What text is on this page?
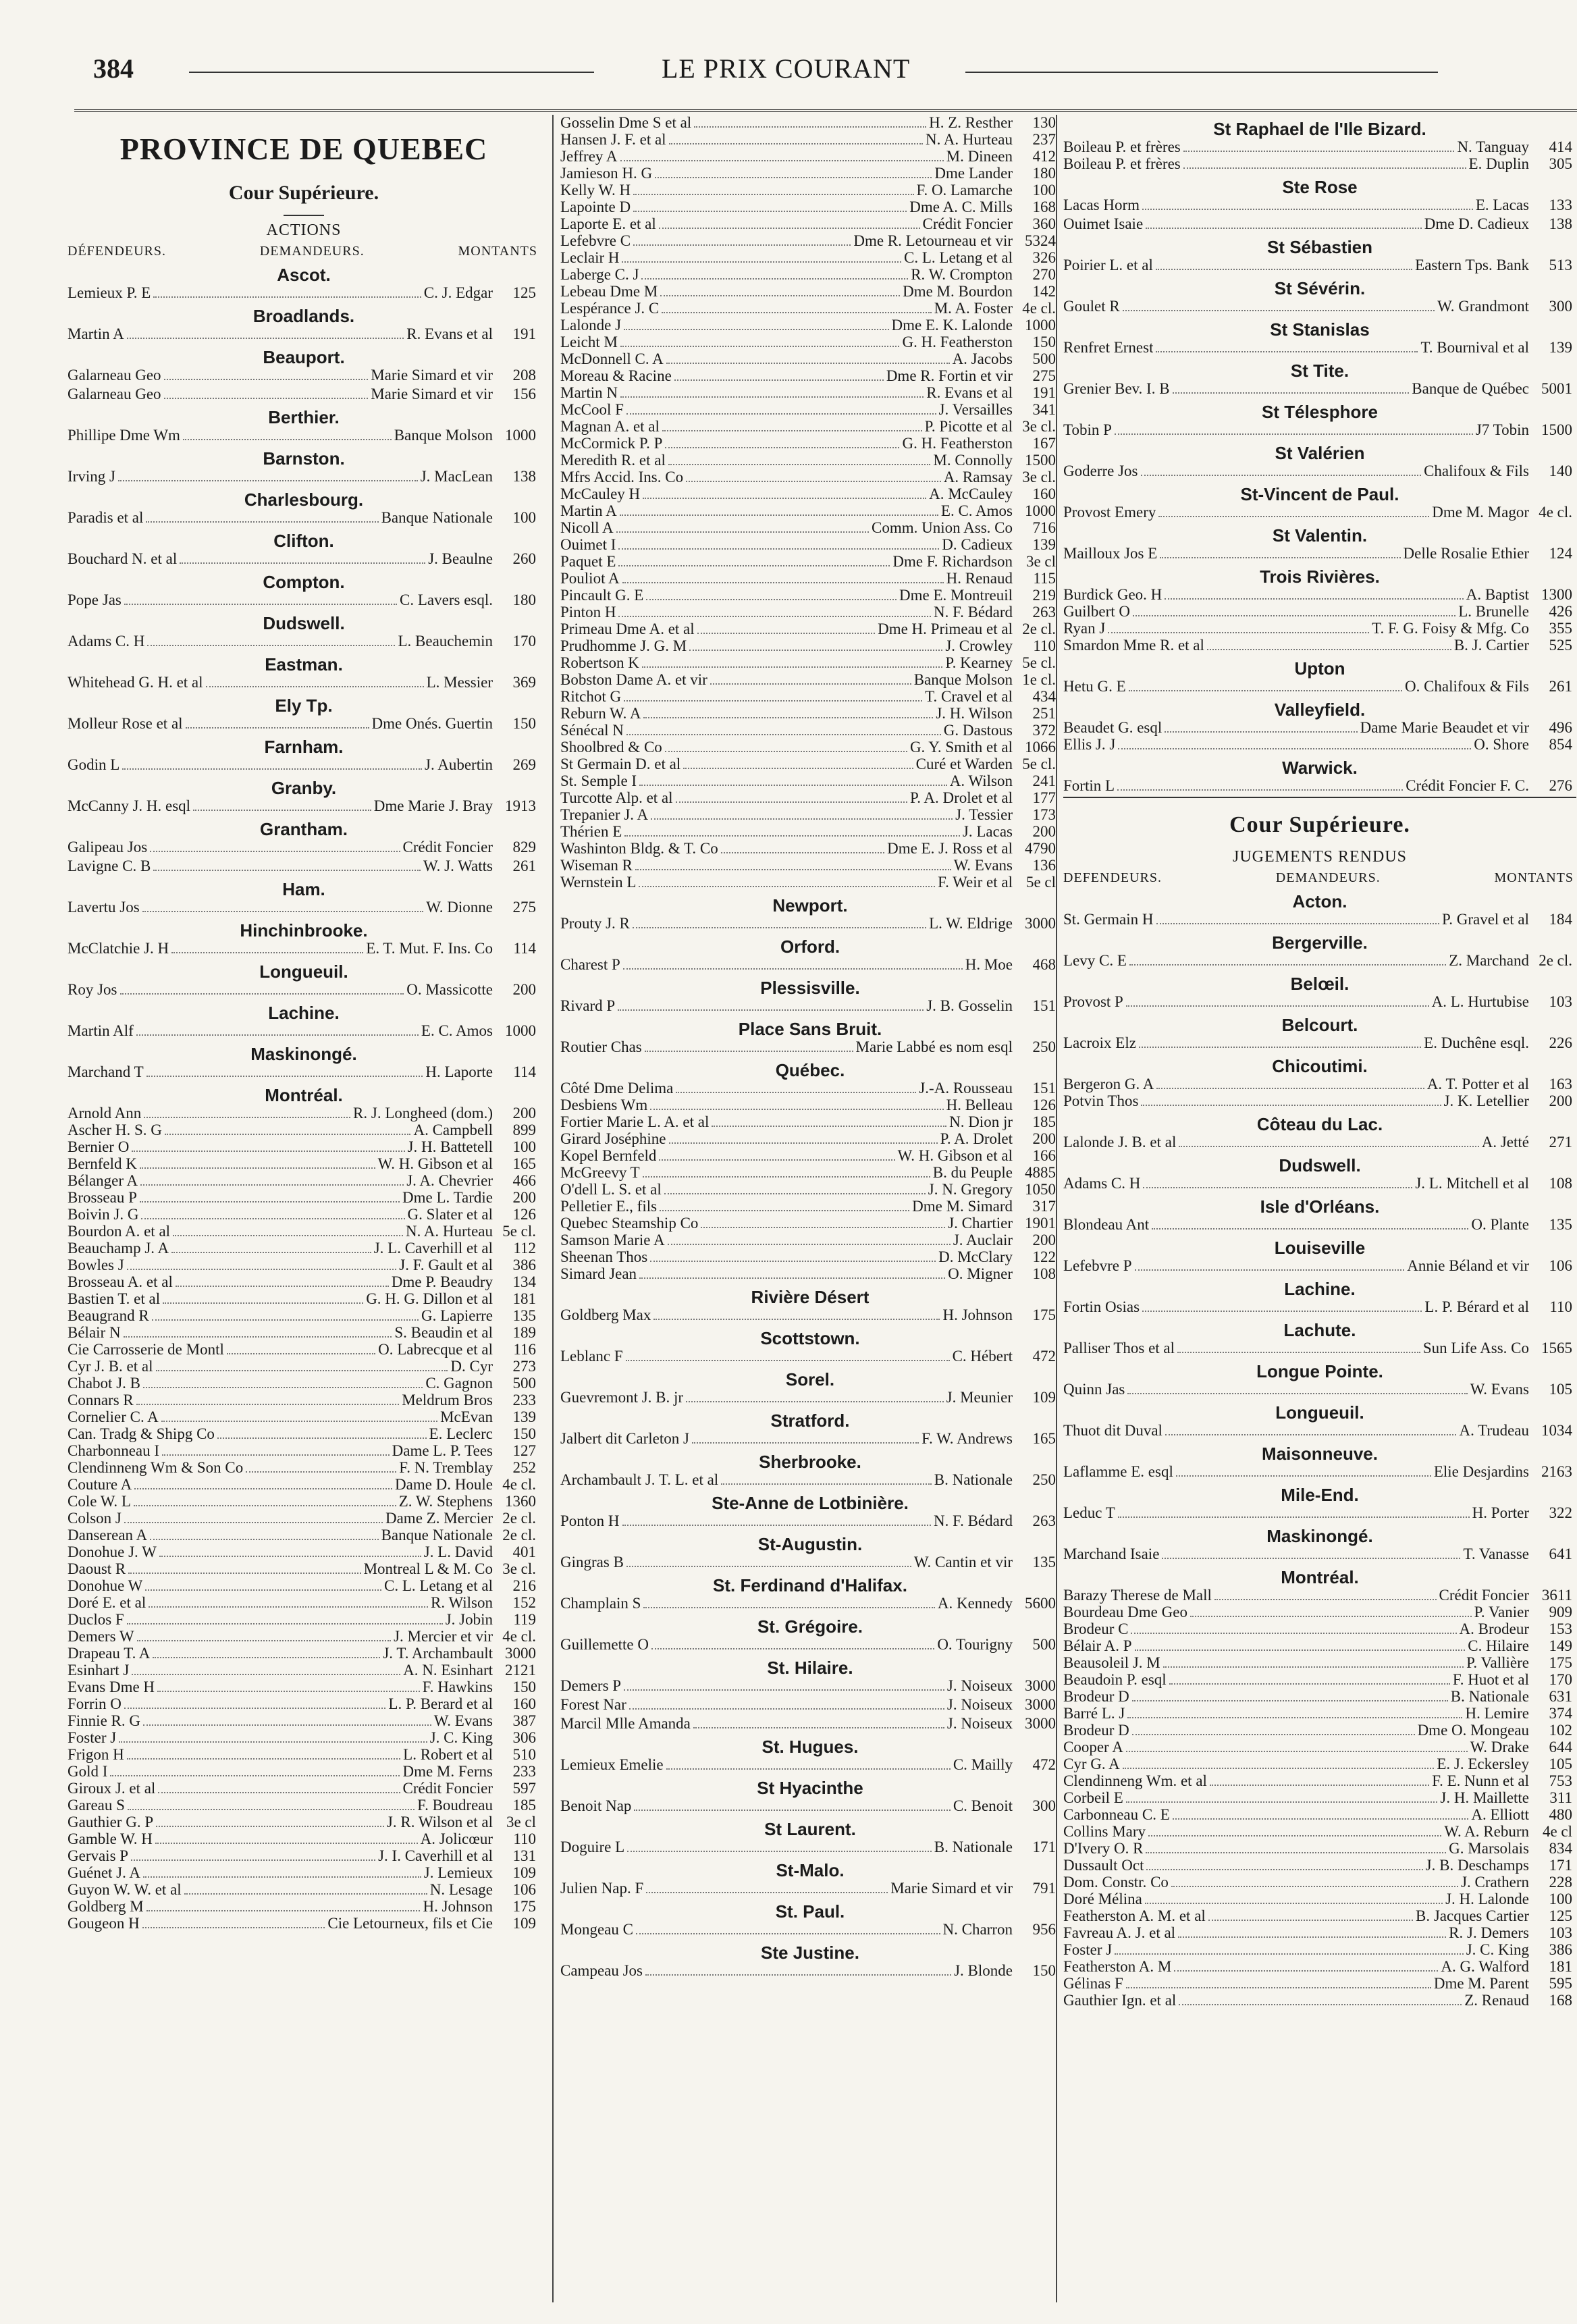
384	LE PRIX COURANT
PROVINCE DE QUEBEC
Cour Supérieure.
ACTIONS
DÉFENDEURS.	DEMANDEURS.	MONTANTS
Ascot.
Lemieux P. E	C. J. Edgar	125
Broadlands.
Martin A	R. Evans et al	191
Beauport.
Galarneau Geo	Marie Simard et vir	208
Galarneau Geo	Marie Simard et vir	156
Berthier.
Phillipe Dme Wm	Banque Molson 1000
Barnston.
Irving J	J. MacLean	138
Charlesbourg.
Paradis et al	Banque Nationale	100
Clifton.
Bouchard N. et al	J. Beaulne	260
Compton.
Pope Jas	C. Lavers esql.	180
Dudswell.
Adams C. H	L. Beauchemin	170
Eastman.
Whitehead G. H. et al	L. Messier	369
Ely Tp.
Molleur Rose et al	Dme Onés. Guertin	150
Farnham.
Godin L	J. Aubertin	269
Granby.
McCanny J. H. esql	Dme Marie J. Bray 1913
Grantham.
Galipeau Jos	Crédit Foncier	829
Lavigne C. B	W. J. Watts	261
Ham.
Lavertu Jos	W. Dionne	275
Hinchinbrooke.
McClatchie J. H	E. T. Mut. F. Ins. Co	114
Longueuil.
Roy Jos	O. Massicotte	200
Lachine.
Martin Alf	E. C. Amos 1000
Maskinongé.
Marchand T	H. Laporte	114
Montréal.
Arnold Ann	R. J. Longheed (dom.)	200
Ascher H. S. G	A. Campbell	899
Bernier O	J. H. Battetell	100
Bernfeld K	W. H. Gibson et al	165
Bélanger A	J. A. Chevrier	466
Brosseau P	Dme L. Tardie	200
Boivin J. G	G. Slater et al	126
Bourdon A. et al	N. A. Hurteau 5e cl.
Beauchamp J. A	J. L. Caverhill et al	112
Bowles J	J. F. Gault et al	386
Brosseau A. et al	Dme P. Beaudry	134
Bastien T. et al	G. H. G. Dillon et al	181
Beaugrand R	G. Lapierre	135
Bélair N	S. Beaudin et al	189
Cie Carrosserie de Montl	O. Labrecque et al	116
Cyr J. B. et al	D. Cyr	273
Chabot J. B	C. Gagnon	500
Connars R	Meldrum Bros	233
Cornelier C. A	McEvan	139
Can. Tradg & Shipg Co	E. Leclerc	150
Charbonneau I	Dame L. P. Tees	127
Clendinneng Wm & Son Co	F. N. Tremblay	252
Couture A	Dame D. Houle 4e cl.
Cole W. L	Z. W. Stephens 1360
Colson J	Dame Z. Mercier 2e cl.
Danserean A	Banque Nationale 2e cl.
Donohue J. W	J. L. David	401
Daoust R	Montreal L & M. Co 3e cl.
Donohue W	C. L. Letang et al	216
Doré E. et al	R. Wilson	152
Duclos F	J. Jobin	119
Demers W	J. Mercier et vir 4e cl.
Drapeau T. A	J. T. Archambault 3000
Esinhart J	A. N. Esinhart 2121
Evans Dme H	F. Hawkins	150
Forrin O	L. P. Berard et al	160
Finnie R. G	W. Evans	387
Foster J	J. C. King	306
Frigon H	L. Robert et al	510
Gold I	Dme M. Ferns	233
Giroux J. et al	Crédit Foncier	597
Gareau S	F. Boudreau	185
Gauthier G. P	J. R. Wilson et al 3e cl
Gamble W. H	A. Jolicœur	110
Gervais P	J. I. Caverhill et al	131
Guénet J. A	J. Lemieux	109
Guyon W. W. et al	N. Lesage	106
Goldberg M	H. Johnson	175
Gougeon H	Cie Letourneux, fils et Cie	109
Gosselin Dme S et al	H. Z. Resther	130
Hansen J. F. et al	N. A. Hurteau	237
Jeffrey A	M. Dineen	412
Jamieson H. G	Dme Lander	180
Kelly W. H	F. O. Lamarche	100
Lapointe D	Dme A. C. Mills	168
Laporte E. et al	Crédit Foncier	360
Lefebvre C	Dme R. Letourneau et vir 5324
Leclair H	C. L. Letang et al	326
Laberge C. J	R. W. Crompton	270
Lebeau Dme M	Dme M. Bourdon	142
Lespérance J. C	M. A. Foster 4e cl.
Lalonde J	Dme E. K. Lalonde 1000
Leicht M	G. H. Featherston	150
McDonnell C. A	A. Jacobs	500
Moreau & Racine	Dme R. Fortin et vir	275
Martin N	R. Evans et al	191
McCool F	J. Versailles	341
Magnan A. et al	P. Picotte et al 3e cl.
McCormick P. P	G. H. Featherston	167
Meredith R. et al	M. Connolly 1500
Mfrs Accid. Ins. Co	A. Ramsay 3e cl.
McCauley H	A. McCauley	160
Martin A	E. C. Amos 1000
Nicoll A	Comm. Union Ass. Co	716
Ouimet I	D. Cadieux	139
Paquet E	Dme F. Richardson 3e cl
Pouliot A	H. Renaud	115
Pincault G. E	Dme E. Montreuil	219
Pinton H	N. F. Bédard	263
Primeau Dme A. et al	Dme H. Primeau et al 2e cl.
Prudhomme J. G. M	J. Crowley	110
Robertson K	P. Kearney 5e cl.
Bobston Dame A. et vir	Banque Molson 1e cl.
Ritchot G	T. Cravel et al	434
Reburn W. A	J. H. Wilson	251
Sénécal N	G. Dastous	372
Shoolbred & Co	G. Y. Smith et al 1066
St Germain D. et al	Curé et Warden 5e cl.
St. Semple I	A. Wilson	241
Turcotte Alp. et al	P. A. Drolet et al	177
Trepanier J. A	J. Tessier	173
Thérien E	J. Lacas	200
Washinton Bldg. & T. Co	Dme E. J. Ross et al 4790
Wiseman R	W. Evans	136
Wernstein L	F. Weir et al 5e cl
Newport.
Prouty J. R	L. W. Eldrige 3000
Orford.
Charest P	H. Moe	468
Plessisville.
Rivard P	J. B. Gosselin	151
Place Sans Bruit.
Routier Chas	Marie Labbé es nom esql	250
Québec.
Côté Dme Delima	J.-A. Rousseau	151
Desbiens Wm	H. Belleau	126
Fortier Marie L. A. et al	N. Dion jr	185
Girard Joséphine	P. A. Drolet	200
Kopel Bernfeld	W. H. Gibson et al	166
McGreevy T	B. du Peuple 4885
O'dell L. S. et al	J. N. Gregory 1050
Pelletier E., fils	Dme M. Simard	317
Quebec Steamship Co	J. Chartier 1901
Samson Marie A	J. Auclair	200
Sheenan Thos	D. McClary	122
Simard Jean	O. Migner	108
Rivière Désert
Goldberg Max	H. Johnson	175
Scottstown.
Leblanc F	C. Hébert	472
Sorel.
Guevremont J. B. jr	J. Meunier	109
Stratford.
Jalbert dit Carleton J	F. W. Andrews	165
Sherbrooke.
Archambault J. T. L. et al	B. Nationale	250
Ste-Anne de Lotbinière.
Ponton H	N. F. Bédard	263
St-Augustin.
Gingras B	W. Cantin et vir	135
St. Ferdinand d'Halifax.
Champlain S	A. Kennedy 5600
St. Grégoire.
Guillemette O	O. Tourigny	500
St. Hilaire.
Demers P	J. Noiseux 3000
Forest Nar	J. Noiseux 3000
Marcil Mlle Amanda	J. Noiseux 3000
St. Hugues.
Lemieux Emelie	C. Mailly	472
St Hyacinthe
Benoit Nap	C. Benoit	300
St Laurent.
Doguire L	B. Nationale	171
St-Malo.
Julien Nap. F	Marie Simard et vir	791
St. Paul.
Mongeau C	N. Charron	956
Ste Justine.
Campeau Jos	J. Blonde	150
St Raphael de l'Ile Bizard.
Boileau P. et frères	N. Tanguay	414
Boileau P. et frères	E. Duplin	305
Ste Rose
Lacas Horm	E. Lacas	133
Ouimet Isaie	Dme D. Cadieux	138
St Sébastien
Poirier L. et al	Eastern Tps. Bank	513
St Sévérin.
Goulet R	W. Grandmont	300
St Stanislas
Renfret Ernest	T. Bournival et al	139
St Tite.
Grenier Bev. I. B	Banque de Québec 5001
St Télesphore
Tobin P	J7 Tobin 1500
St Valérien
Goderre Jos	Chalifoux & Fils	140
St-Vincent de Paul.
Provost Emery	Dme M. Magor 4e cl.
St Valentin.
Mailloux Jos E	Delle Rosalie Ethier	124
Trois Rivières.
Burdick Geo. H	A. Baptist 1300
Guilbert O	L. Brunelle	426
Ryan J	T. F. G. Foisy & Mfg. Co	355
Smardon Mme R. et al	B. J. Cartier	525
Upton
Hetu G. E	O. Chalifoux & Fils	261
Valleyfield.
Beaudet G. esql	Dame Marie Beaudet et vir	496
Ellis J. J	O. Shore	854
Warwick.
Fortin L	Crédit Foncier F. C.	276
Cour Supérieure.
JUGEMENTS RENDUS
DEFENDEURS.	DEMANDEURS.	MONTANTS
Acton.
St. Germain H	P. Gravel et al	184
Bergerville.
Levy C. E	Z. Marchand 2e cl.
Belœil.
Provost P	A. L. Hurtubise	103
Belcourt.
Lacroix Elz	E. Duchêne esql.	226
Chicoutimi.
Bergeron G. A	A. T. Potter et al	163
Potvin Thos	J. K. Letellier	200
Côteau du Lac.
Lalonde J. B. et al	A. Jetté	271
Dudswell.
Adams C. H	J. L. Mitchell et al	108
Isle d'Orléans.
Blondeau Ant	O. Plante	135
Louiseville
Lefebvre P	Annie Béland et vir	106
Lachine.
Fortin Osias	L. P. Bérard et al	110
Lachute.
Palliser Thos et al	Sun Life Ass. Co 1565
Longue Pointe.
Quinn Jas	W. Evans	105
Longueuil.
Thuot dit Duval	A. Trudeau 1034
Maisonneuve.
Laflamme E. esql	Elie Desjardins 2163
Mile-End.
Leduc T	H. Porter	322
Maskinongé.
Marchand Isaie	T. Vanasse	641
Montréal.
Barazy Therese de Mall	Crédit Foncier 3611
Bourdeau Dme Geo	P. Vanier	909
Brodeur C	A. Brodeur	153
Bélair A. P	C. Hilaire	149
Beausoleil J. M	P. Vallière	175
Beaudoin P. esql	F. Huot et al	170
Brodeur D	B. Nationale	631
Barré L. J	H. Lemire	374
Brodeur D	Dme O. Mongeau	102
Cooper A	W. Drake	644
Cyr G. A	E. J. Eckersley	105
Clendinneng Wm. et al	F. E. Nunn et al	753
Corbeil E	J. H. Maillette	311
Carbonneau C. E	A. Elliott	480
Collins Mary	W. A. Reburn 4e cl
D'Ivery O. R	G. Marsolais	834
Dussault Oct	J. B. Deschamps	171
Dom. Constr. Co	J. Crathern	228
Doré Mélina	J. H. Lalonde	100
Featherston A. M. et al	B. Jacques Cartier	125
Favreau A. J. et al	R. J. Demers	103
Foster J	J. C. King	386
Featherston A. M	A. G. Walford	181
Gélinas F	Dme M. Parent	595
Gauthier Ign. et al	Z. Renaud	168
